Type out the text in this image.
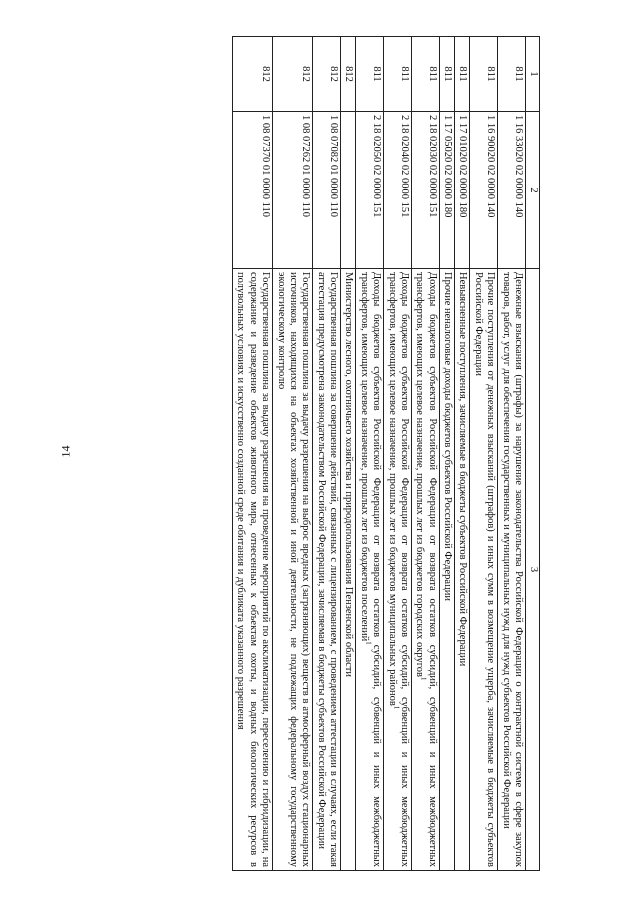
14
1	2	3
811	1 16 33020 02 0000 140	Денежные взыскания (штрафы) за нарушение законодательства Российской Федерации о контрактной системе в сфере закупок товаров, работ, услуг для обеспечения государственных и муниципальных нужд для нужд субъектов Российской Федерации
811	1 16 90020 02 0000 140	Прочие поступления от денежных взысканий (штрафов) и иных сумм в возмещение ущерба, зачисляемые в бюджеты субъектов Российской Федерации
811	1 17 01020 02 0000 180	Невыясненные поступления, зачисляемые в бюджеты субъектов Российской Федерации
811	1 17 05020 02 0000 180	Прочие неналоговые доходы бюджетов субъектов Российской Федерации
811	2 18 02030 02 0000 151	Доходы бюджетов субъектов Российской Федерации от возврата остатков субсидий, субвенций и иных межбюджетных трансфертов, имеющих целевое назначение, прошлых лет из бюджетов городских округов$^1$
811	2 18 02040 02 0000 151	Доходы бюджетов субъектов Российской Федерации от возврата остатков субсидий, субвенций и иных межбюджетных трансфертов, имеющих целевое назначение, прошлых лет из бюджетов муниципальных районов$^1$
811	2 18 02050 02 0000 151	Доходы бюджетов субъектов Российской Федерации от возврата остатков субсидий, субвенций и иных межбюджетных трансфертов, имеющих целевое назначение, прошлых лет из бюджетов поселений$^1$
812		Министерство лесного, охотничьего хозяйства и природопользования Пензенской области
812	1 08 07082 01 0000 110	Государственная пошлина за совершение действий, связанных с лицензированием, с проведением аттестации в случаях, если такая аттестация предусмотрена законодательством Российской Федерации, зачисляемая в бюджеты субъектов Российской Федерации
812	1 08 07262 01 0000 110	Государственная пошлина за выдачу разрешения на выброс вредных (загрязняющих) веществ в атмосферный воздух стационарных источников, находящихся на объектах хозяйственной и иной деятельности, не подлежащих федеральному государственному экологическому контролю
812	1 08 07370 01 0000 110	Государственная пошлина за выдачу разрешения на проведение мероприятий по акклиматизации, переселению и гибридизации, на содержание и разведение объектов животного мира, отнесенных к объектам охоты, и водных биологических ресурсов в полувольных условиях и искусственно созданной среде обитания и дубликата указанного разрешения
